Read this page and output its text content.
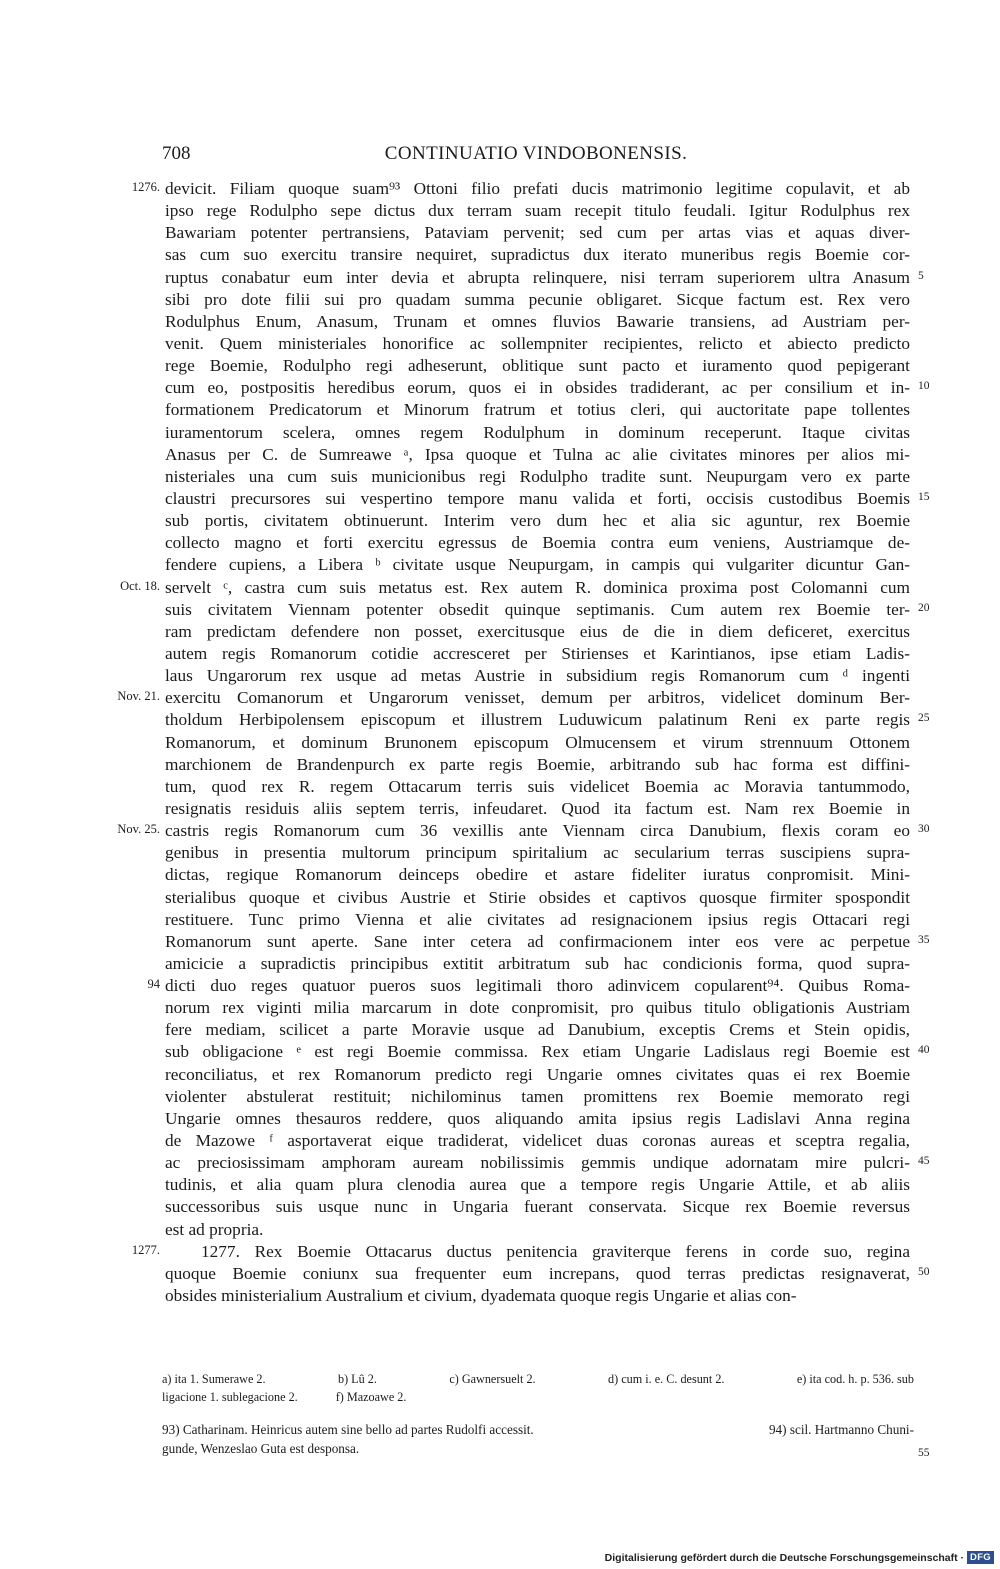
708	CONTINUATIO VINDOBONENSIS.
1276. devicit. Filiam quoque suam⁹³ Ottoni filio prefati ducis matrimonio legitime copulavit, et ab
ipso rege Rodulpho sepe dictus dux terram suam recepit titulo feudali. Igitur Rodulphus rex
Bawariam potenter pertransiens, Pataviam pervenit; sed cum per artas vias et aquas diver-
sas cum suo exercitu transire nequiret, supradictus dux iterato muneribus regis Boemie cor-
ruptus conabatur eum inter devia et abrupta relinquere, nisi terram superiorem ultra Anasum 5
sibi pro dote filii sui pro quadam summa pecunie obligaret. Sicque factum est. Rex vero
Rodulphus Enum, Anasum, Trunam et omnes fluvios Bawarie transiens, ad Austriam per-
venit. Quem ministeriales honorifice ac sollempniter recipientes, relicto et abiecto predicto
rege Boemie, Rodulpho regi adheserunt, oblitique sunt pacto et iuramento quod pepigerant
cum eo, postpositis heredibus eorum, quos ei in obsides tradiderant, ac per consilium et in- 10
formationem Predicatorum et Minorum fratrum et totius cleri, qui auctoritate pape tollentes
iuramentorum scelera, omnes regem Rodulphum in dominum receperunt. Itaque civitas
Anasus per C. de Sumreawe ᵃ, Ipsa quoque et Tulna ac alie civitates minores per alios mi-
nisteriales una cum suis municionibus regi Rodulpho tradite sunt. Neupurgam vero ex parte
claustri precursores sui vespertino tempore manu valida et forti, occisis custodibus Boemis 15
sub portis, civitatem obtinuerunt. Interim vero dum hec et alia sic aguntur, rex Boemie
collecto magno et forti exercitu egressus de Boemia contra eum veniens, Austriamque de-
fendere cupiens, a Libera ᵇ civitate usque Neupurgam, in campis qui vulgariter dicuntur Gan-
Oct. 18. servelt ᶜ, castra cum suis metatus est. Rex autem R. dominica proxima post Colomanni cum
suis civitatem Viennam potenter obsedit quinque septimanis. Cum autem rex Boemie ter- 20
ram predictam defendere non posset, exercitusque eius de die in diem deficeret, exercitus
autem regis Romanorum cotidie accresceret per Stirienses et Karintianos, ipse etiam Ladis-
laus Ungarorum rex usque ad metas Austrie in subsidium regis Romanorum cum ᵈ ingenti
Nov. 21. exercitu Comanorum et Ungarorum venisset, demum per arbitros, videlicet dominum Ber-
tholdum Herbipolensem episcopum et illustrem Luduwicum palatinum Reni ex parte regis 25
Romanorum, et dominum Brunonem episcopum Olmucensem et virum strennuum Ottonem
marchionem de Brandenpurch ex parte regis Boemie, arbitrando sub hac forma est diffini-
tum, quod rex R. regem Ottacarum terris suis videlicet Boemia ac Moravia tantummodo,
resignatis residuis aliis septem terris, infeudaret. Quod ita factum est. Nam rex Boemie in
Nov. 25. castris regis Romanorum cum 36 vexillis ante Viennam circa Danubium, flexis coram eo 30
genibus in presentia multorum principum spiritalium ac secularium terras suscipiens supra-
dictas, regique Romanorum deinceps obedire et astare fideliter iuratus conpromisit. Mini-
sterialibus quoque et civibus Austrie et Stirie obsides et captivos quosque firmiter spospondit
restituere. Tunc primo Vienna et alie civitates ad resignacionem ipsius regis Ottacari regi
Romanorum sunt aperte. Sane inter cetera ad confirmacionem inter eos vere ac perpetue 35
amicicie a supradictis principibus extitit arbitratum sub hac condicionis forma, quod supra-
94 dicti duo reges quatuor pueros suos legitimali thoro adinvicem copularent⁹⁴. Quibus Roma-
norum rex viginti milia marcarum in dote conpromisit, pro quibus titulo obligationis Austriam
fere mediam, scilicet a parte Moravie usque ad Danubium, exceptis Crems et Stein opidis,
sub obligacione ᵉ est regi Boemie commissa. Rex etiam Ungarie Ladislaus regi Boemie est 40
reconciliatus, et rex Romanorum predicto regi Ungarie omnes civitates quas ei rex Boemie
violenter abstulerat restituit; nichilominus tamen promittens rex Boemie memorato regi
Ungarie omnes thesauros reddere, quos aliquando amita ipsius regis Ladislavi Anna regina
de Mazowe ᶠ asportaverat eique tradiderat, videlicet duas coronas aureas et sceptra regalia,
ac preciosissimam amphoram auream nobilissimis gemmis undique adornatam mire pulcri- 45
tudinis, et alia quam plura clenodia aurea que a tempore regis Ungarie Attile, et ab aliis
successoribus suis usque nunc in Ungaria fuerant conservata. Sicque rex Boemie reversus
est ad propria.
1277.	1277. Rex Boemie Ottacarus ductus penitencia graviterque ferens in corde suo, regina
quoque Boemie coniunx sua frequenter eum increpans, quod terras predictas resignaverat, 50
obsides ministerialium Australium et civium, dyademata quoque regis Ungarie et alias con-
a) ita 1. Sumerawe 2.	b) Lû 2.	c) Gawnersuelt 2.	d) cum i. e. C. desunt 2.	e) ita cod. h. p. 536. sub
ligacione 1. sublegacione 2.	f) Mazoawe 2.
93) Catharinam. Heinricus autem sine bello ad partes Rudolfi accessit.	94) scil. Hartmanno Chuni-
gunde, Wenzeslao Guta est desponsa.	55
Digitalisierung gefördert durch die Deutsche Forschungsgemeinschaft · DFG
